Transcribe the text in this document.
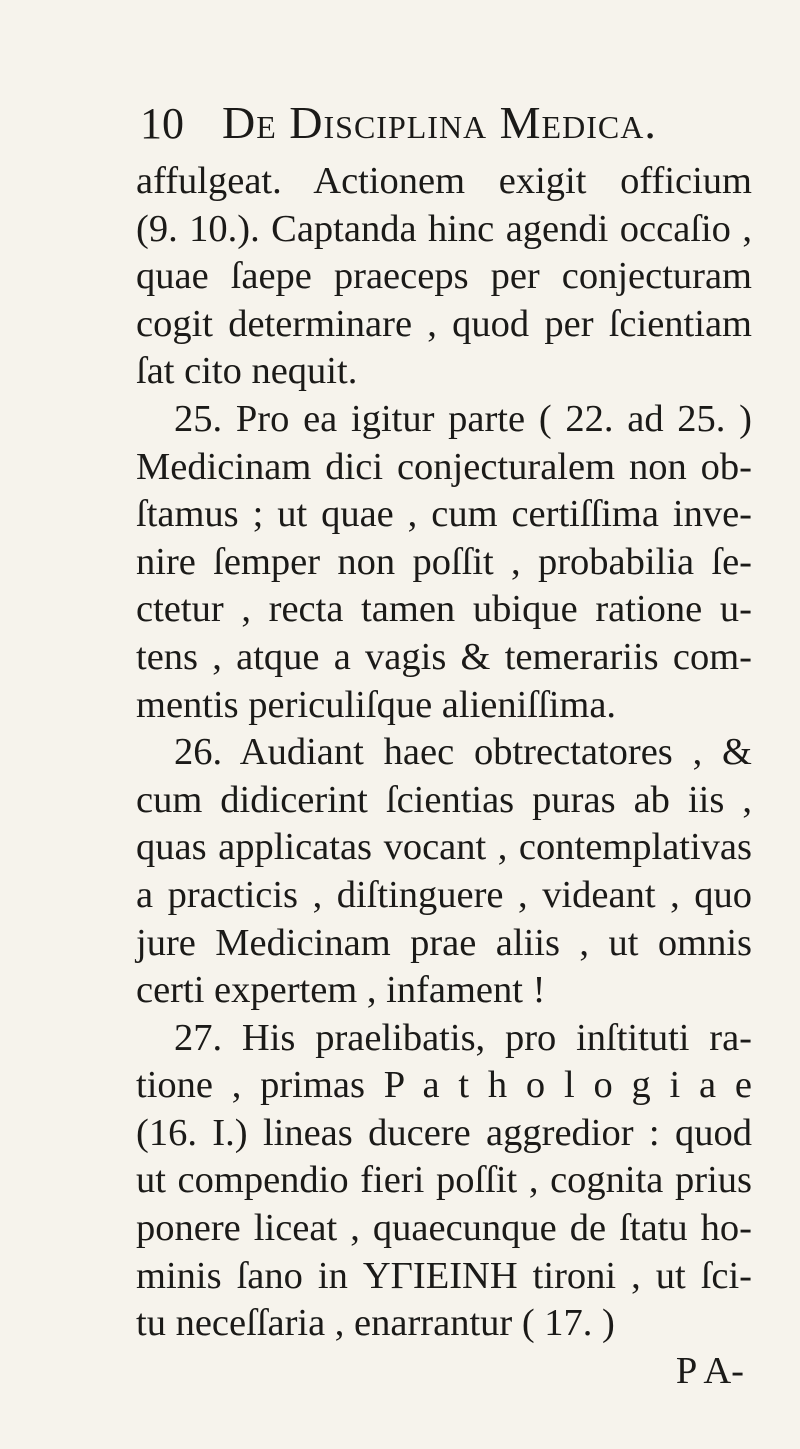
10 De Disciplina Medica.
affulgeat. Actionem exigit officium
(9. 10.). Captanda hinc agendi occaſio ,
quae ſaepe praeceps per conjecturam
cogit determinare , quod per ſcientiam
ſat cito nequit.
25. Pro ea igitur parte ( 22. ad 25. )
Medicinam dici conjecturalem non ob-
ſtamus ; ut quae , cum certiſſima inve-
nire ſemper non poſſit , probabilia ſe-
ctetur , recta tamen ubique ratione u-
tens , atque a vagis & temerariis com-
mentis periculiſque alieniſſima.
26. Audiant haec obtrectatores , &
cum didicerint ſcientias puras ab iis ,
quas applicatas vocant , contemplativas
a practicis , diſtinguere , videant , quo
jure Medicinam prae aliis , ut omnis
certi expertem , infament !
27. His praelibatis, pro inſtituti ra-
tione , primas P a t h o l o g i a e
(16. I.) lineas ducere aggredior : quod
ut compendio fieri poſſit , cognita prius
ponere liceat , quaecunque de ſtatu ho-
minis ſano in ΥΓΙΕΙΝΗ tironi , ut ſci-
tu neceſſaria , enarrantur ( 17. )
P A-
